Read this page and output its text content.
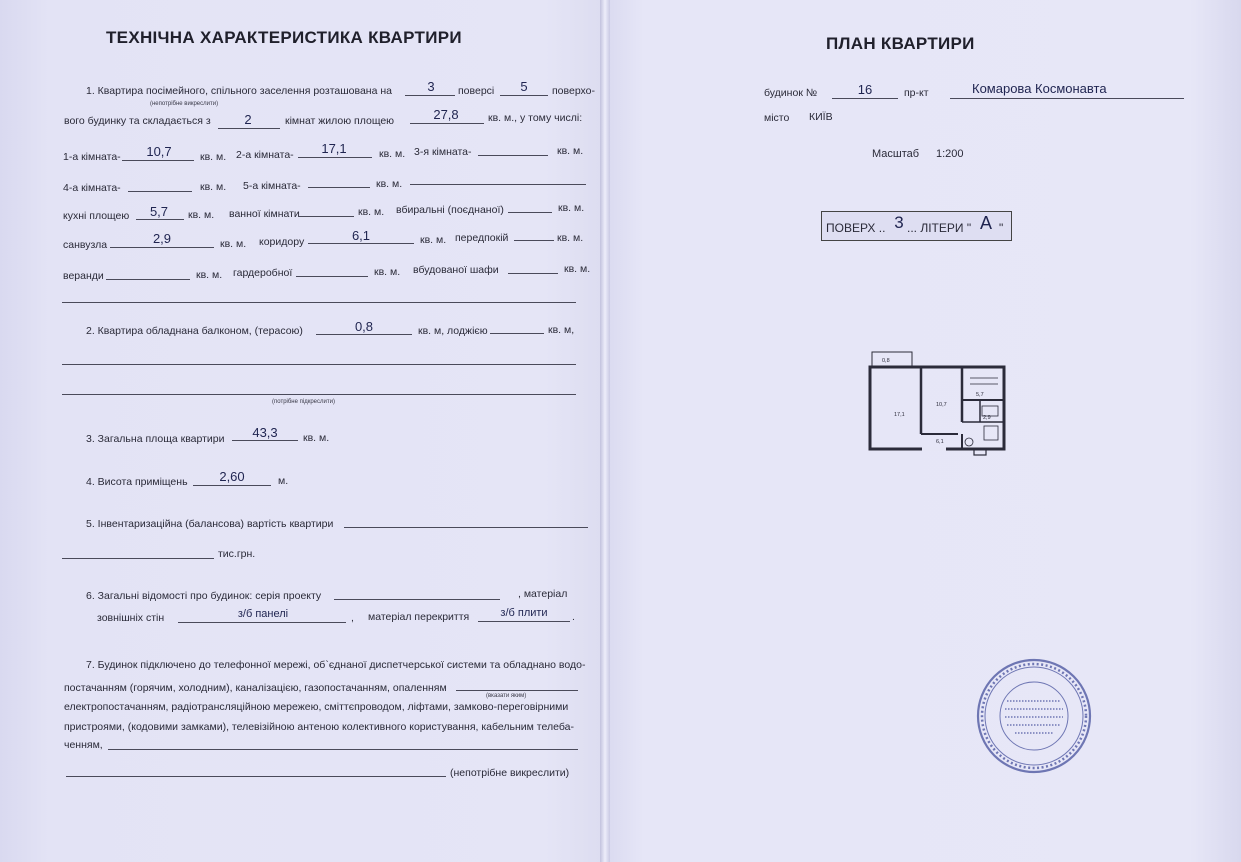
ТЕХНІЧНА ХАРАКТЕРИСТИКА КВАРТИРИ
1. Квартира посімейного, спільного заселення розташована на	3	поверсі	5	поверхо-
(непотрібне викреслити)
вого будинку та складається з	2	кімнат жилою площею	27,8	кв. м., у тому числі:
1-а кімната-	10,7	кв. м. 2-а кімната-	17,1	кв. м. 3-я кімната-	кв. м.
4-а кімната-	кв. м. 5-а кімната-	кв. м.
кухні площею	5,7	кв. м. ванної кімнати	кв. м. вбиральні (поєднаної)	кв. м.
санвузла	2,9	кв. м. коридору	6,1	кв. м. передпокій	кв. м.
веранди	кв. м. гардеробної	кв. м. вбудованої шафи	кв. м.
2. Квартира обладнана балконом, (терасою)	0,8	кв. м, лоджією	кв. м,
(потрібне підкреслити)
3. Загальна площа квартири	43,3	кв. м.
4. Висота приміщень	2,60	м.
5. Інвентаризаційна (балансова) вартість квартири
тис.грн.
6. Загальні відомості про будинок: серія проекту	, матеріал
зовнішніх стін	з/б панелі	, матеріал перекриття	з/б плити	.
7. Будинок підключено до телефонної мережі, об`єднаної диспетчерської системи та обладнано водо-
постачанням (горячим, холодним), каналізацією, газопостачанням, опаленням
(вказати яким)
електропостачанням, радіотрансляційною мережею, сміттєпроводом, ліфтами, замково-переговірними
пристроями, (кодовими замками), телевізійною антеною колективного користування, кабельним телеба-
ченням,
(непотрібне викреслити)
ПЛАН КВАРТИРИ
будинок №	16	пр-кт	Комарова Космонавта
місто КИЇВ
Масштаб 1:200
ПОВЕРХ .. 3 ... ЛІТЕРИ " А "
17,1
10,7
5,7
6,1
2,9
0,8
